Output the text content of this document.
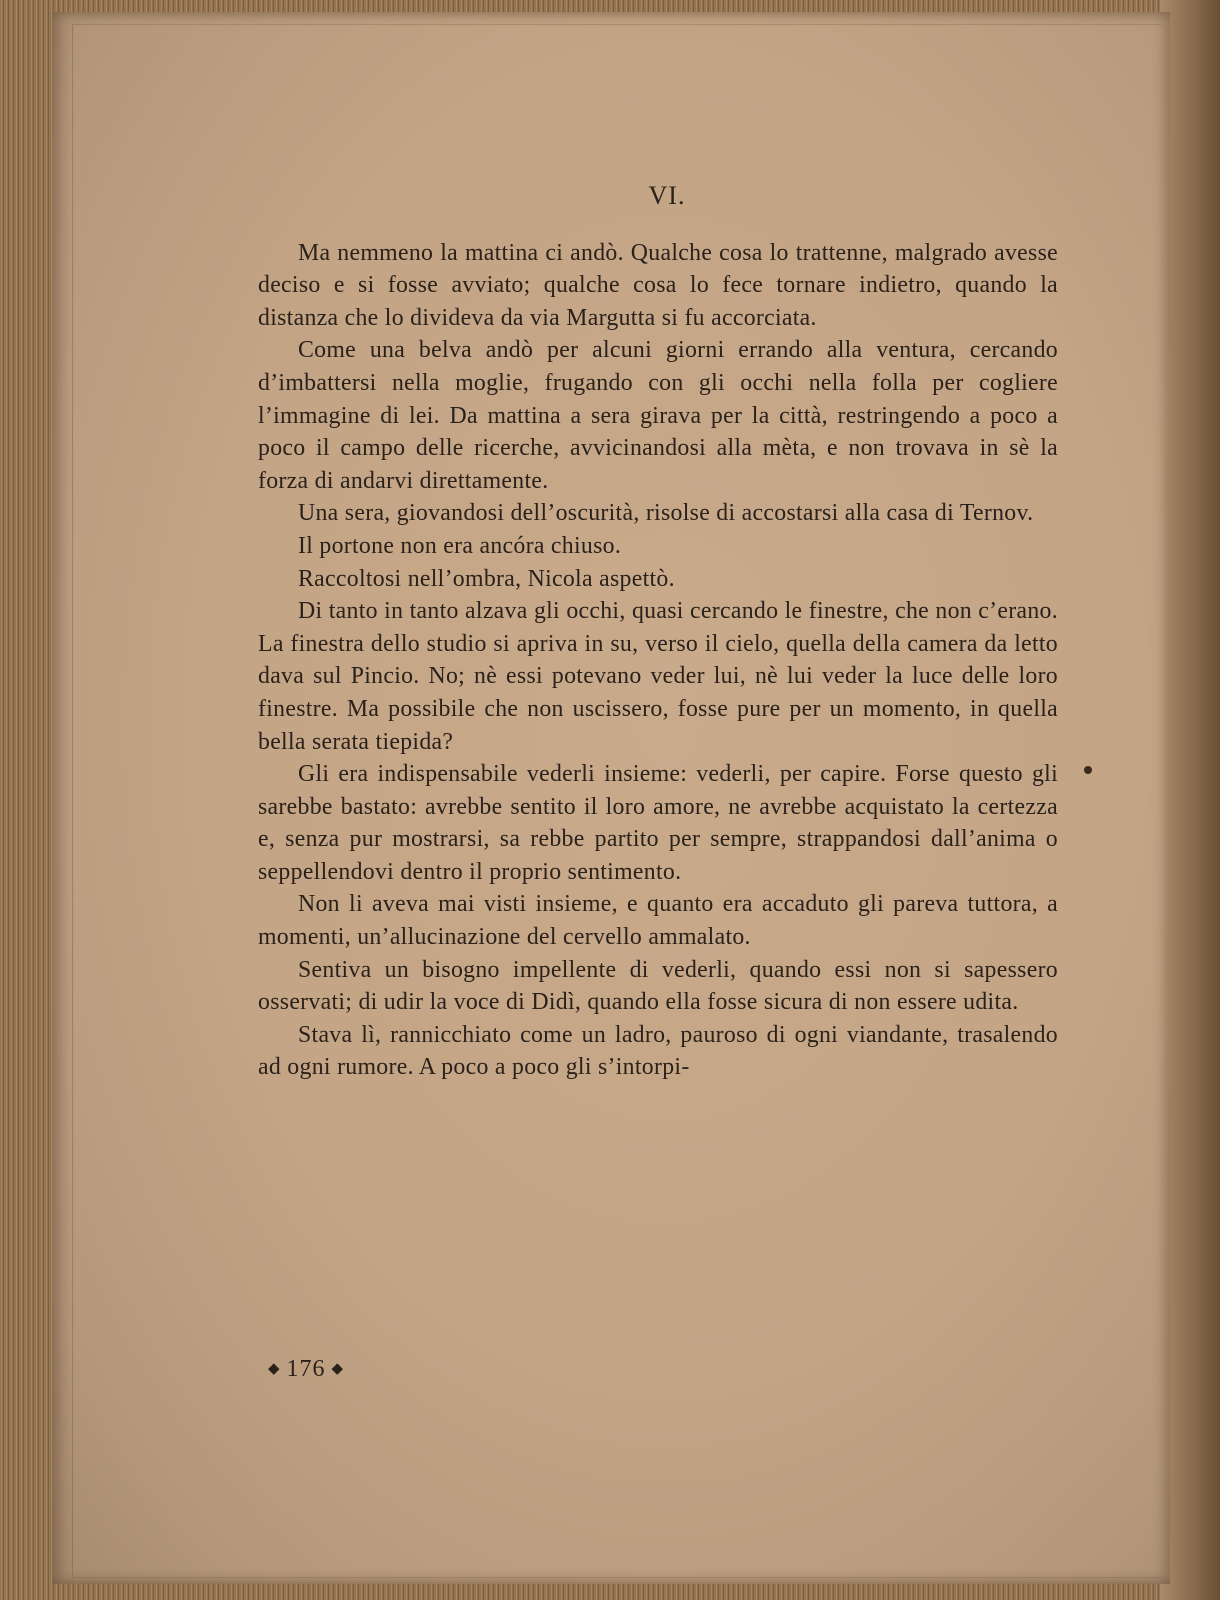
VI.

Ma nemmeno la mattina ci andò. Qualche cosa lo trattenne, malgrado avesse deciso e si fosse avviato; qualche cosa lo fece tornare indietro, quando la distanza che lo divideva da via Margutta si fu accorciata.

Come una belva andò per alcuni giorni errando alla ventura, cercando d’imbattersi nella moglie, frugando con gli occhi nella folla per cogliere l’immagine di lei. Da mattina a sera girava per la città, restringendo a poco a poco il campo delle ricerche, avvicinandosi alla mèta, e non trovava in sè la forza di andarvi direttamente.

Una sera, giovandosi dell’oscurità, risolse di accostarsi alla casa di Ternov.

Il portone non era ancóra chiuso.

Raccoltosi nell’ombra, Nicola aspettò.

Di tanto in tanto alzava gli occhi, quasi cercando le finestre, che non c’erano. La finestra dello studio si apriva in su, verso il cielo, quella della camera da letto dava sul Pincio. No; nè essi potevano veder lui, nè lui veder la luce delle loro finestre. Ma possibile che non uscissero, fosse pure per un momento, in quella bella serata tiepida?

Gli era indispensabile vederli insieme: vederli, per capire. Forse questo gli sarebbe bastato: avrebbe sentito il loro amore, ne avrebbe acquistato la certezza e, senza pur mostrarsi, sa rebbe partito per sempre, strappandosi dall’anima o seppellendovi dentro il proprio sentimento.

Non li aveva mai visti insieme, e quanto era accaduto gli pareva tuttora, a momenti, un’allucinazione del cervello ammalato.

Sentiva un bisogno impellente di vederli, quando essi non si sapessero osservati; di udir la voce di Didì, quando ella fosse sicura di non essere udita.

Stava lì, rannicchiato come un ladro, pauroso di ogni viandante, trasalendo ad ogni rumore. A poco a poco gli s’intorpi-

◆ 176 ◆
